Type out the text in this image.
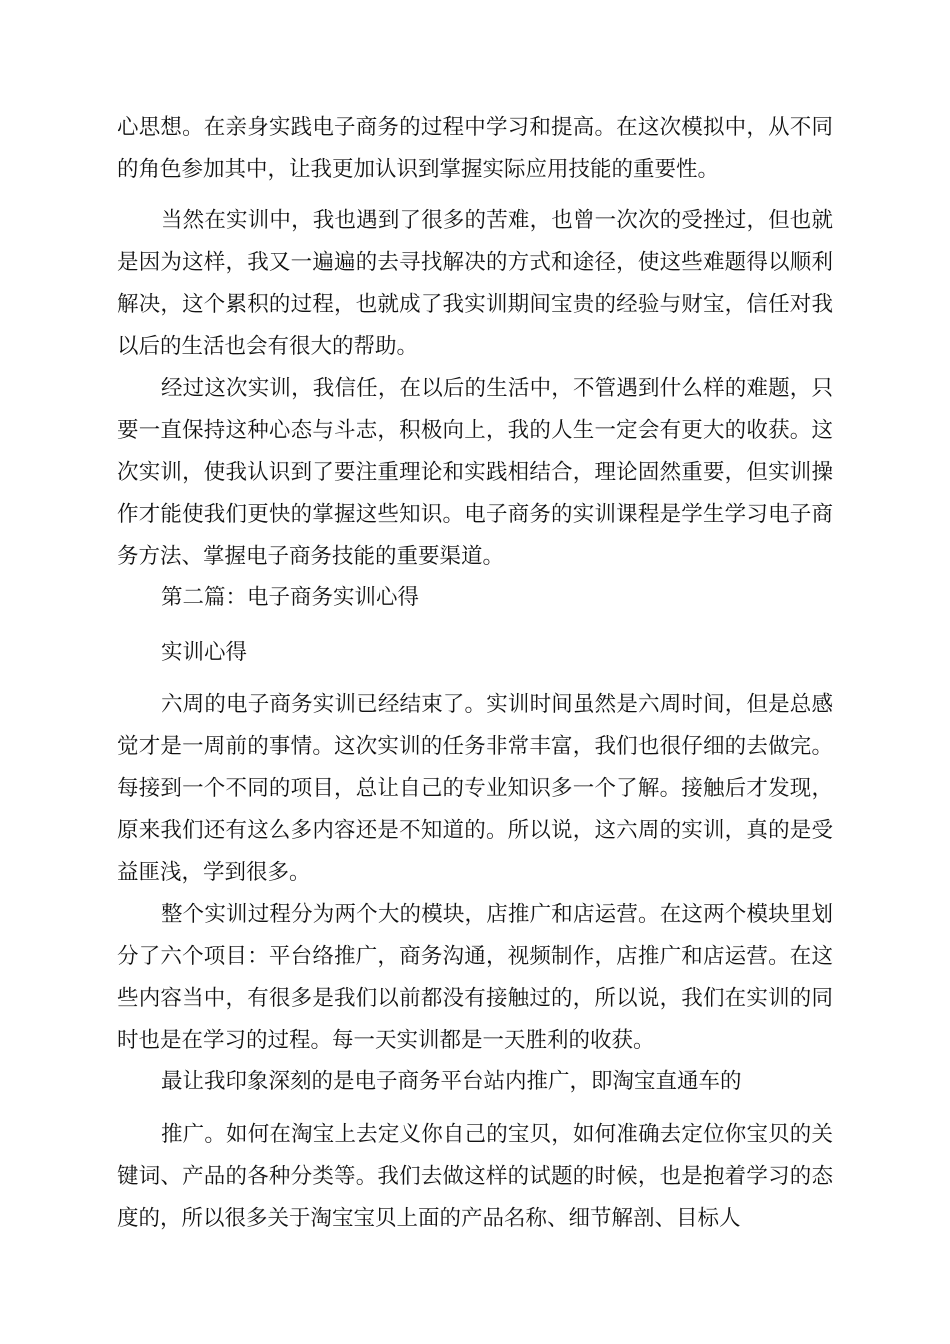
心思想。在亲身实践电子商务的过程中学习和提高。在这次模拟中，从不同的角色参加其中，让我更加认识到掌握实际应用技能的重要性。

当然在实训中，我也遇到了很多的苦难，也曾一次次的受挫过，但也就是因为这样，我又一遍遍的去寻找解决的方式和途径，使这些难题得以顺利解决，这个累积的过程，也就成了我实训期间宝贵的经验与财宝，信任对我以后的生活也会有很大的帮助。

经过这次实训，我信任，在以后的生活中，不管遇到什么样的难题，只要一直保持这种心态与斗志，积极向上，我的人生一定会有更大的收获。这次实训，使我认识到了要注重理论和实践相结合，理论固然重要，但实训操作才能使我们更快的掌握这些知识。电子商务的实训课程是学生学习电子商务方法、掌握电子商务技能的重要渠道。

第二篇：电子商务实训心得

实训心得

六周的电子商务实训已经结束了。实训时间虽然是六周时间，但是总感觉才是一周前的事情。这次实训的任务非常丰富，我们也很仔细的去做完。每接到一个不同的项目，总让自己的专业知识多一个了解。接触后才发现，原来我们还有这么多内容还是不知道的。所以说，这六周的实训，真的是受益匪浅，学到很多。

整个实训过程分为两个大的模块，店推广和店运营。在这两个模块里划分了六个项目：平台络推广，商务沟通，视频制作，店推广和店运营。在这些内容当中，有很多是我们以前都没有接触过的，所以说，我们在实训的同时也是在学习的过程。每一天实训都是一天胜利的收获。

最让我印象深刻的是电子商务平台站内推广，即淘宝直通车的

推广。如何在淘宝上去定义你自己的宝贝，如何准确去定位你宝贝的关键词、产品的各种分类等。我们去做这样的试题的时候，也是抱着学习的态度的，所以很多关于淘宝宝贝上面的产品名称、细节解剖、目标人
